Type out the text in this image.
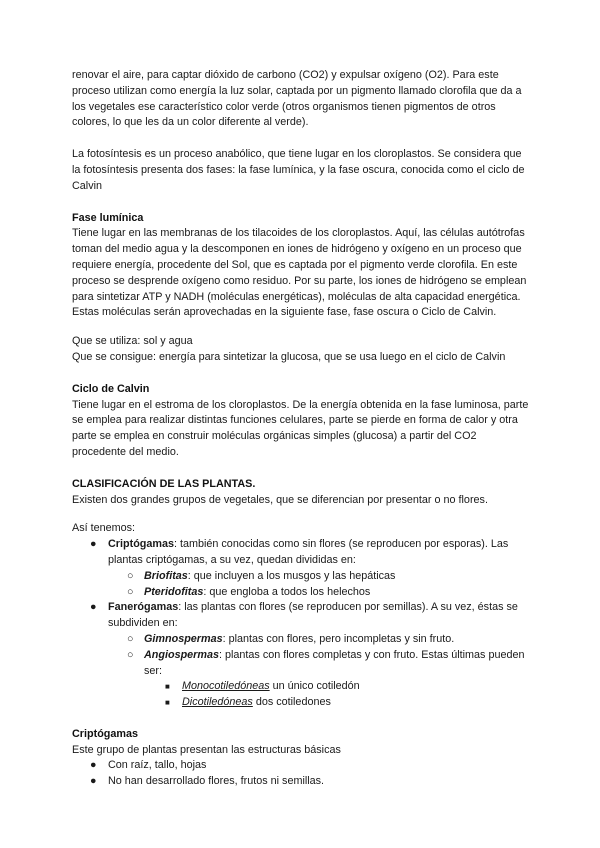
renovar el aire, para captar dióxido de carbono (CO2) y expulsar oxígeno (O2). Para este proceso utilizan como energía la luz solar, captada por un pigmento llamado clorofila que da a los vegetales ese característico color verde (otros organismos tienen pigmentos de otros colores, lo que les da un color diferente al verde).

La fotosíntesis es un proceso anabólico, que tiene lugar en los cloroplastos. Se considera que la fotosíntesis presenta dos fases: la fase lumínica, y la fase oscura, conocida como el ciclo de Calvin

Fase lumínica

Tiene lugar en las membranas de los tilacoides de los cloroplastos. Aquí, las células autótrofas toman del medio agua y la descomponen en iones de hidrógeno y oxígeno en un proceso que requiere energía, procedente del Sol, que es captada por el pigmento verde clorofila. En este proceso se desprende oxígeno como residuo. Por su parte, los iones de hidrógeno se emplean para sintetizar ATP y NADH (moléculas energéticas), moléculas de alta capacidad energética. Estas moléculas serán aprovechadas en la siguiente fase, fase oscura o Ciclo de Calvin.

Que se utiliza: sol y agua

Que se consigue: energía para sintetizar la glucosa, que se usa luego en el ciclo de Calvin

Ciclo de Calvin

Tiene lugar en el estroma de los cloroplastos. De la energía obtenida en la fase luminosa, parte se emplea para realizar distintas funciones celulares, parte se pierde en forma de calor y otra parte se emplea en construir moléculas orgánicas simples (glucosa) a partir del CO2 procedente del medio.

CLASIFICACIÓN DE LAS PLANTAS.

Existen dos grandes grupos de vegetales, que se diferencian por presentar o no flores.

Así tenemos:

● Criptógamas: también conocidas como sin flores (se reproducen por esporas). Las plantas criptógamas, a su vez, quedan divididas en:
○ Briofitas: que incluyen a los musgos y las hepáticas
○ Pteridofitas: que engloba a todos los helechos
● Fanerógamas: las plantas con flores (se reproducen por semillas). A su vez, éstas se subdividen en:
○ Gimnospermas: plantas con flores, pero incompletas y sin fruto.
○ Angiospermas: plantas con flores completas y con fruto. Estas últimas pueden ser:
■ Monocotiledóneas un único cotiledón
■ Dicotiledóneas dos cotiledones

Criptógamas

Este grupo de plantas presentan las estructuras básicas

● Con raíz, tallo, hojas
● No han desarrollado flores, frutos ni semillas.
